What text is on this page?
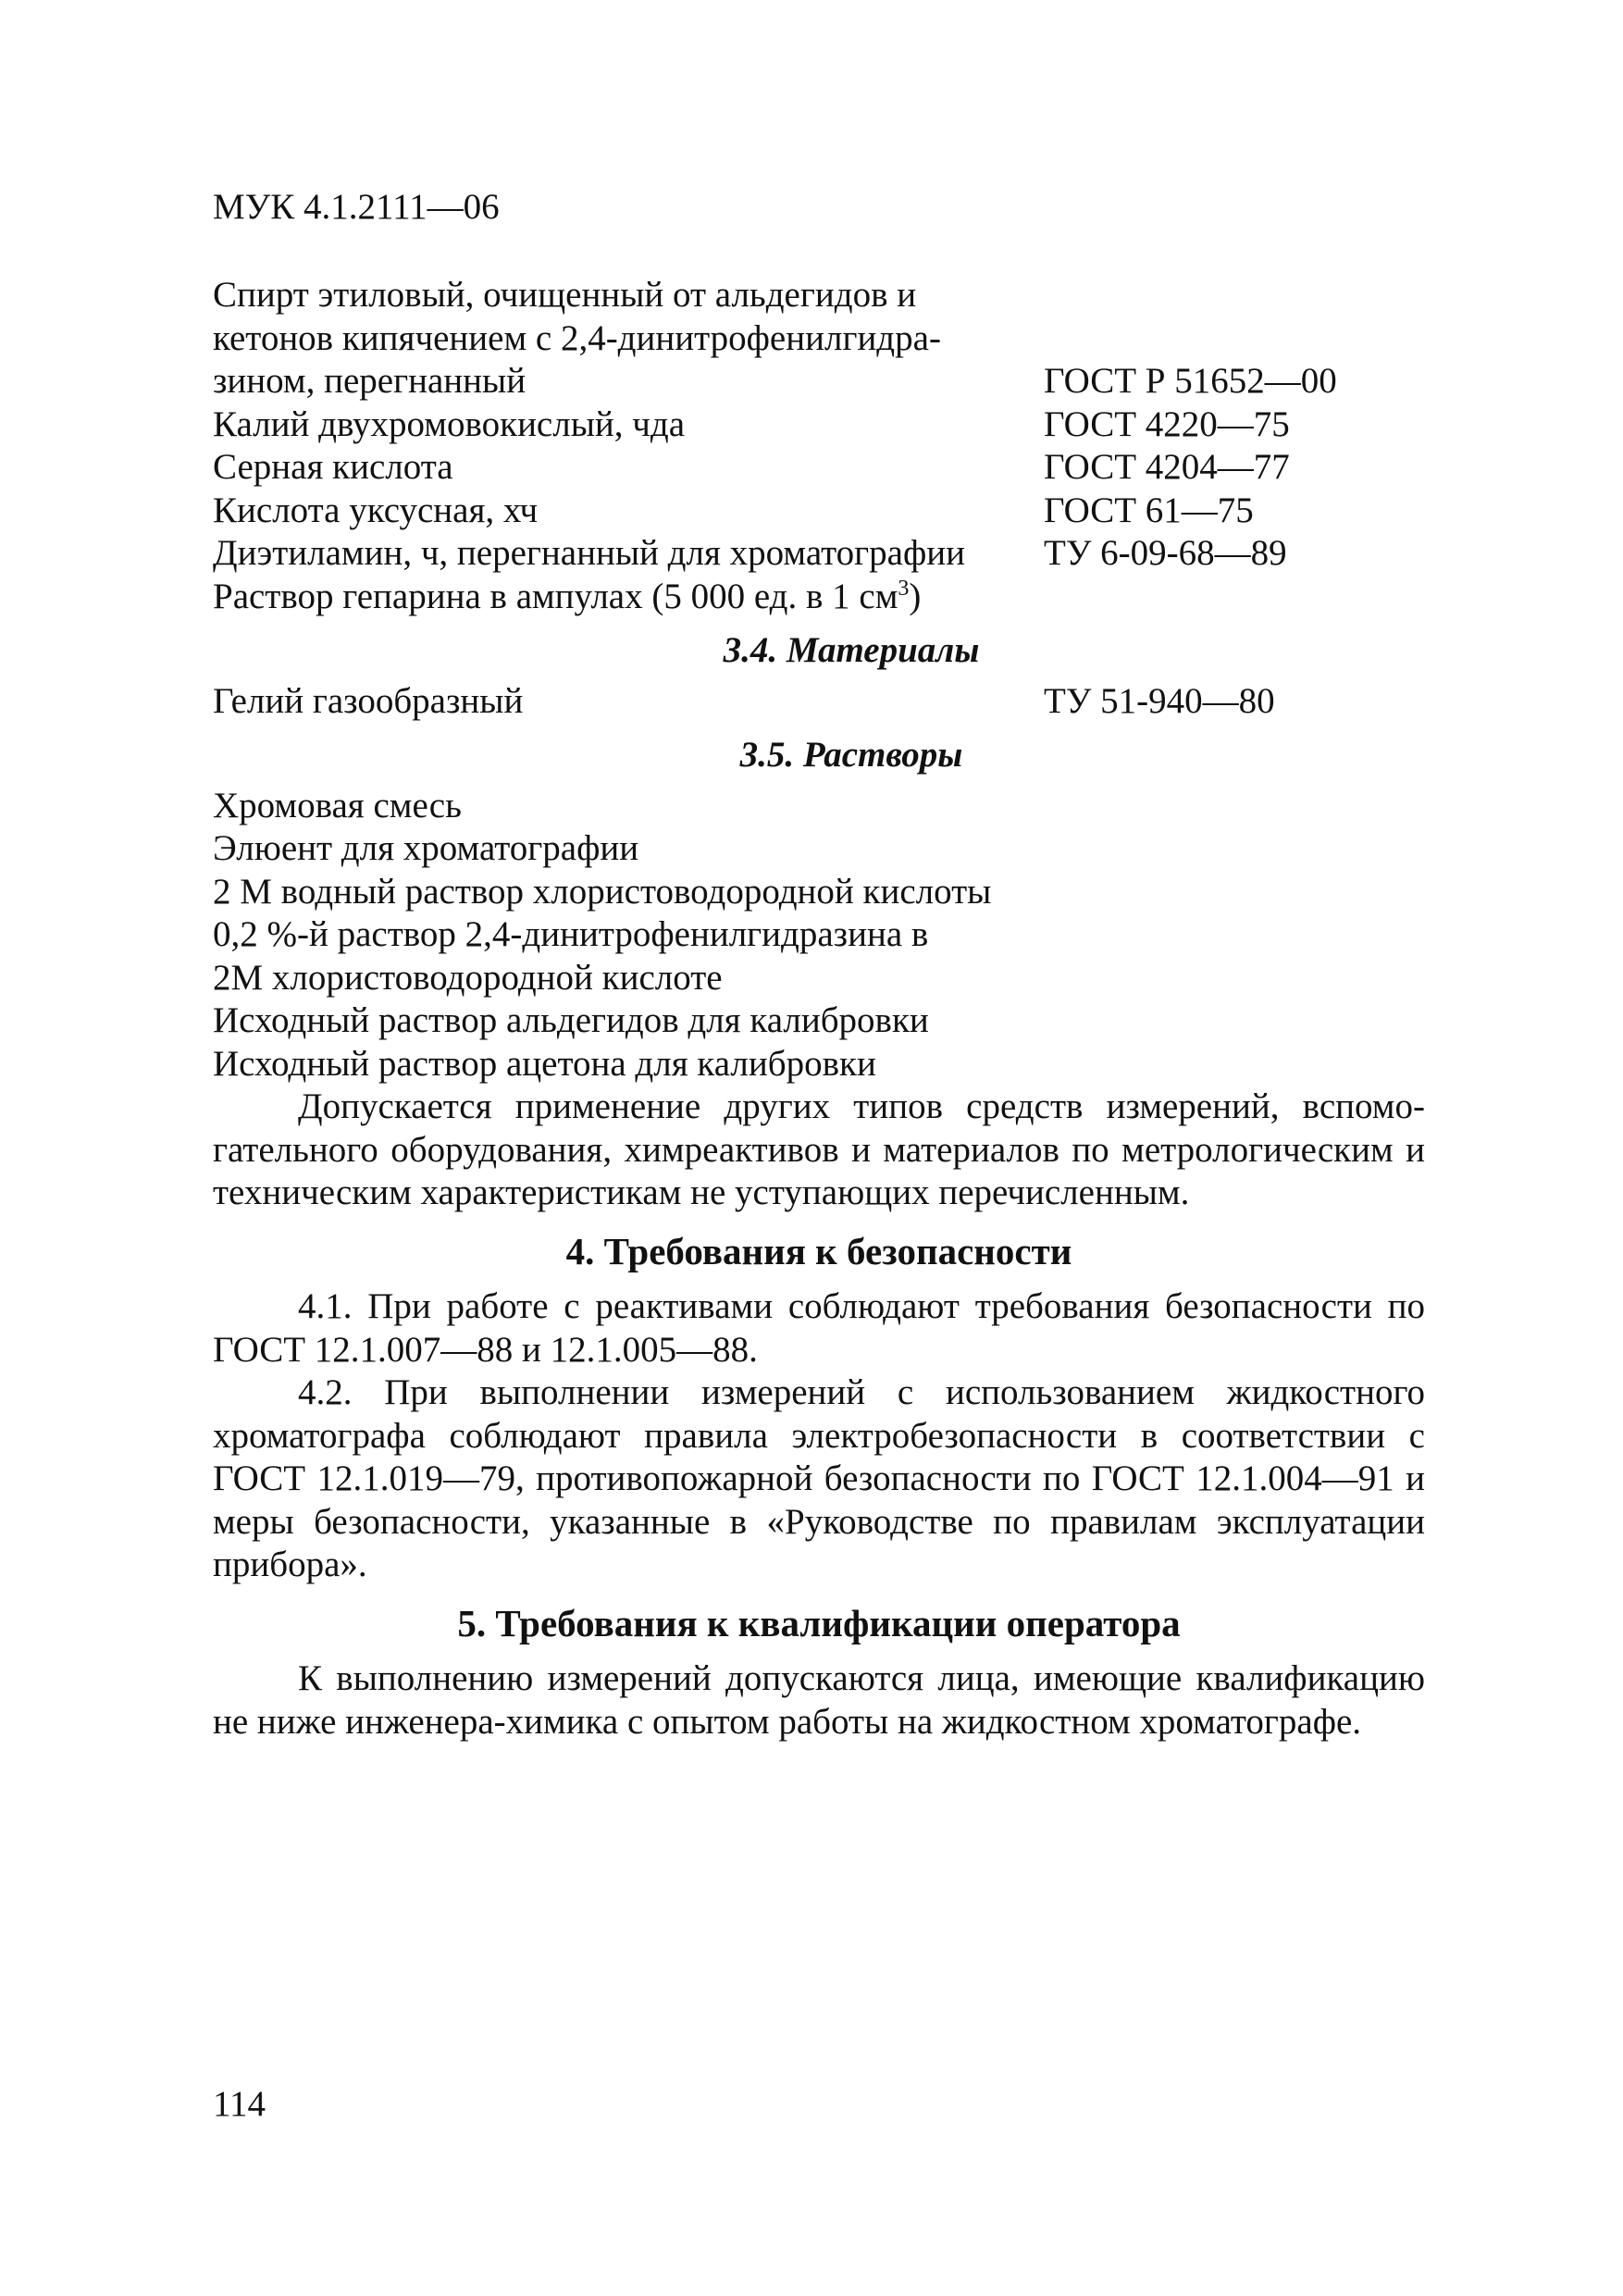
МУК 4.1.2111—06
Спирт этиловый, очищенный от альдегидов и
кетонов кипячением с 2,4-динитрофенилгидра-
зином, перегнанный	ГОСТ Р 51652—00
Калий двухромовокислый, чда	ГОСТ 4220—75
Серная кислота	ГОСТ 4204—77
Кислота уксусная, хч	ГОСТ 61—75
Диэтиламин, ч, перегнанный для хроматографии	ТУ 6-09-68—89
Раствор гепарина в ампулах (5 000 ед. в 1 $см^3$)
3.4. Материалы
Гелий газообразный	ТУ 51-940—80
3.5. Растворы
Хромовая смесь
Элюент для хроматографии
2 М водный раствор хлористоводородной кислоты
0,2 %-й раствор 2,4-динитрофенилгидразина в
2М хлористоводородной кислоте
Исходный раствор альдегидов для калибровки
Исходный раствор ацетона для калибровки
Допускается применение других типов средств измерений, вспомогательного оборудования, химреактивов и материалов по метрологическим и техническим характеристикам не уступающих перечисленным.
4. Требования к безопасности
4.1. При работе с реактивами соблюдают требования безопасности по ГОСТ 12.1.007—88 и 12.1.005—88.
4.2. При выполнении измерений с использованием жидкостного хроматографа соблюдают правила электробезопасности в соответствии с ГОСТ 12.1.019—79, противопожарной безопасности по ГОСТ 12.1.004—91 и меры безопасности, указанные в «Руководстве по правилам эксплуатации прибора».
5. Требования к квалификации оператора
К выполнению измерений допускаются лица, имеющие квалификацию не ниже инженера-химика с опытом работы на жидкостном хроматографе.
114
